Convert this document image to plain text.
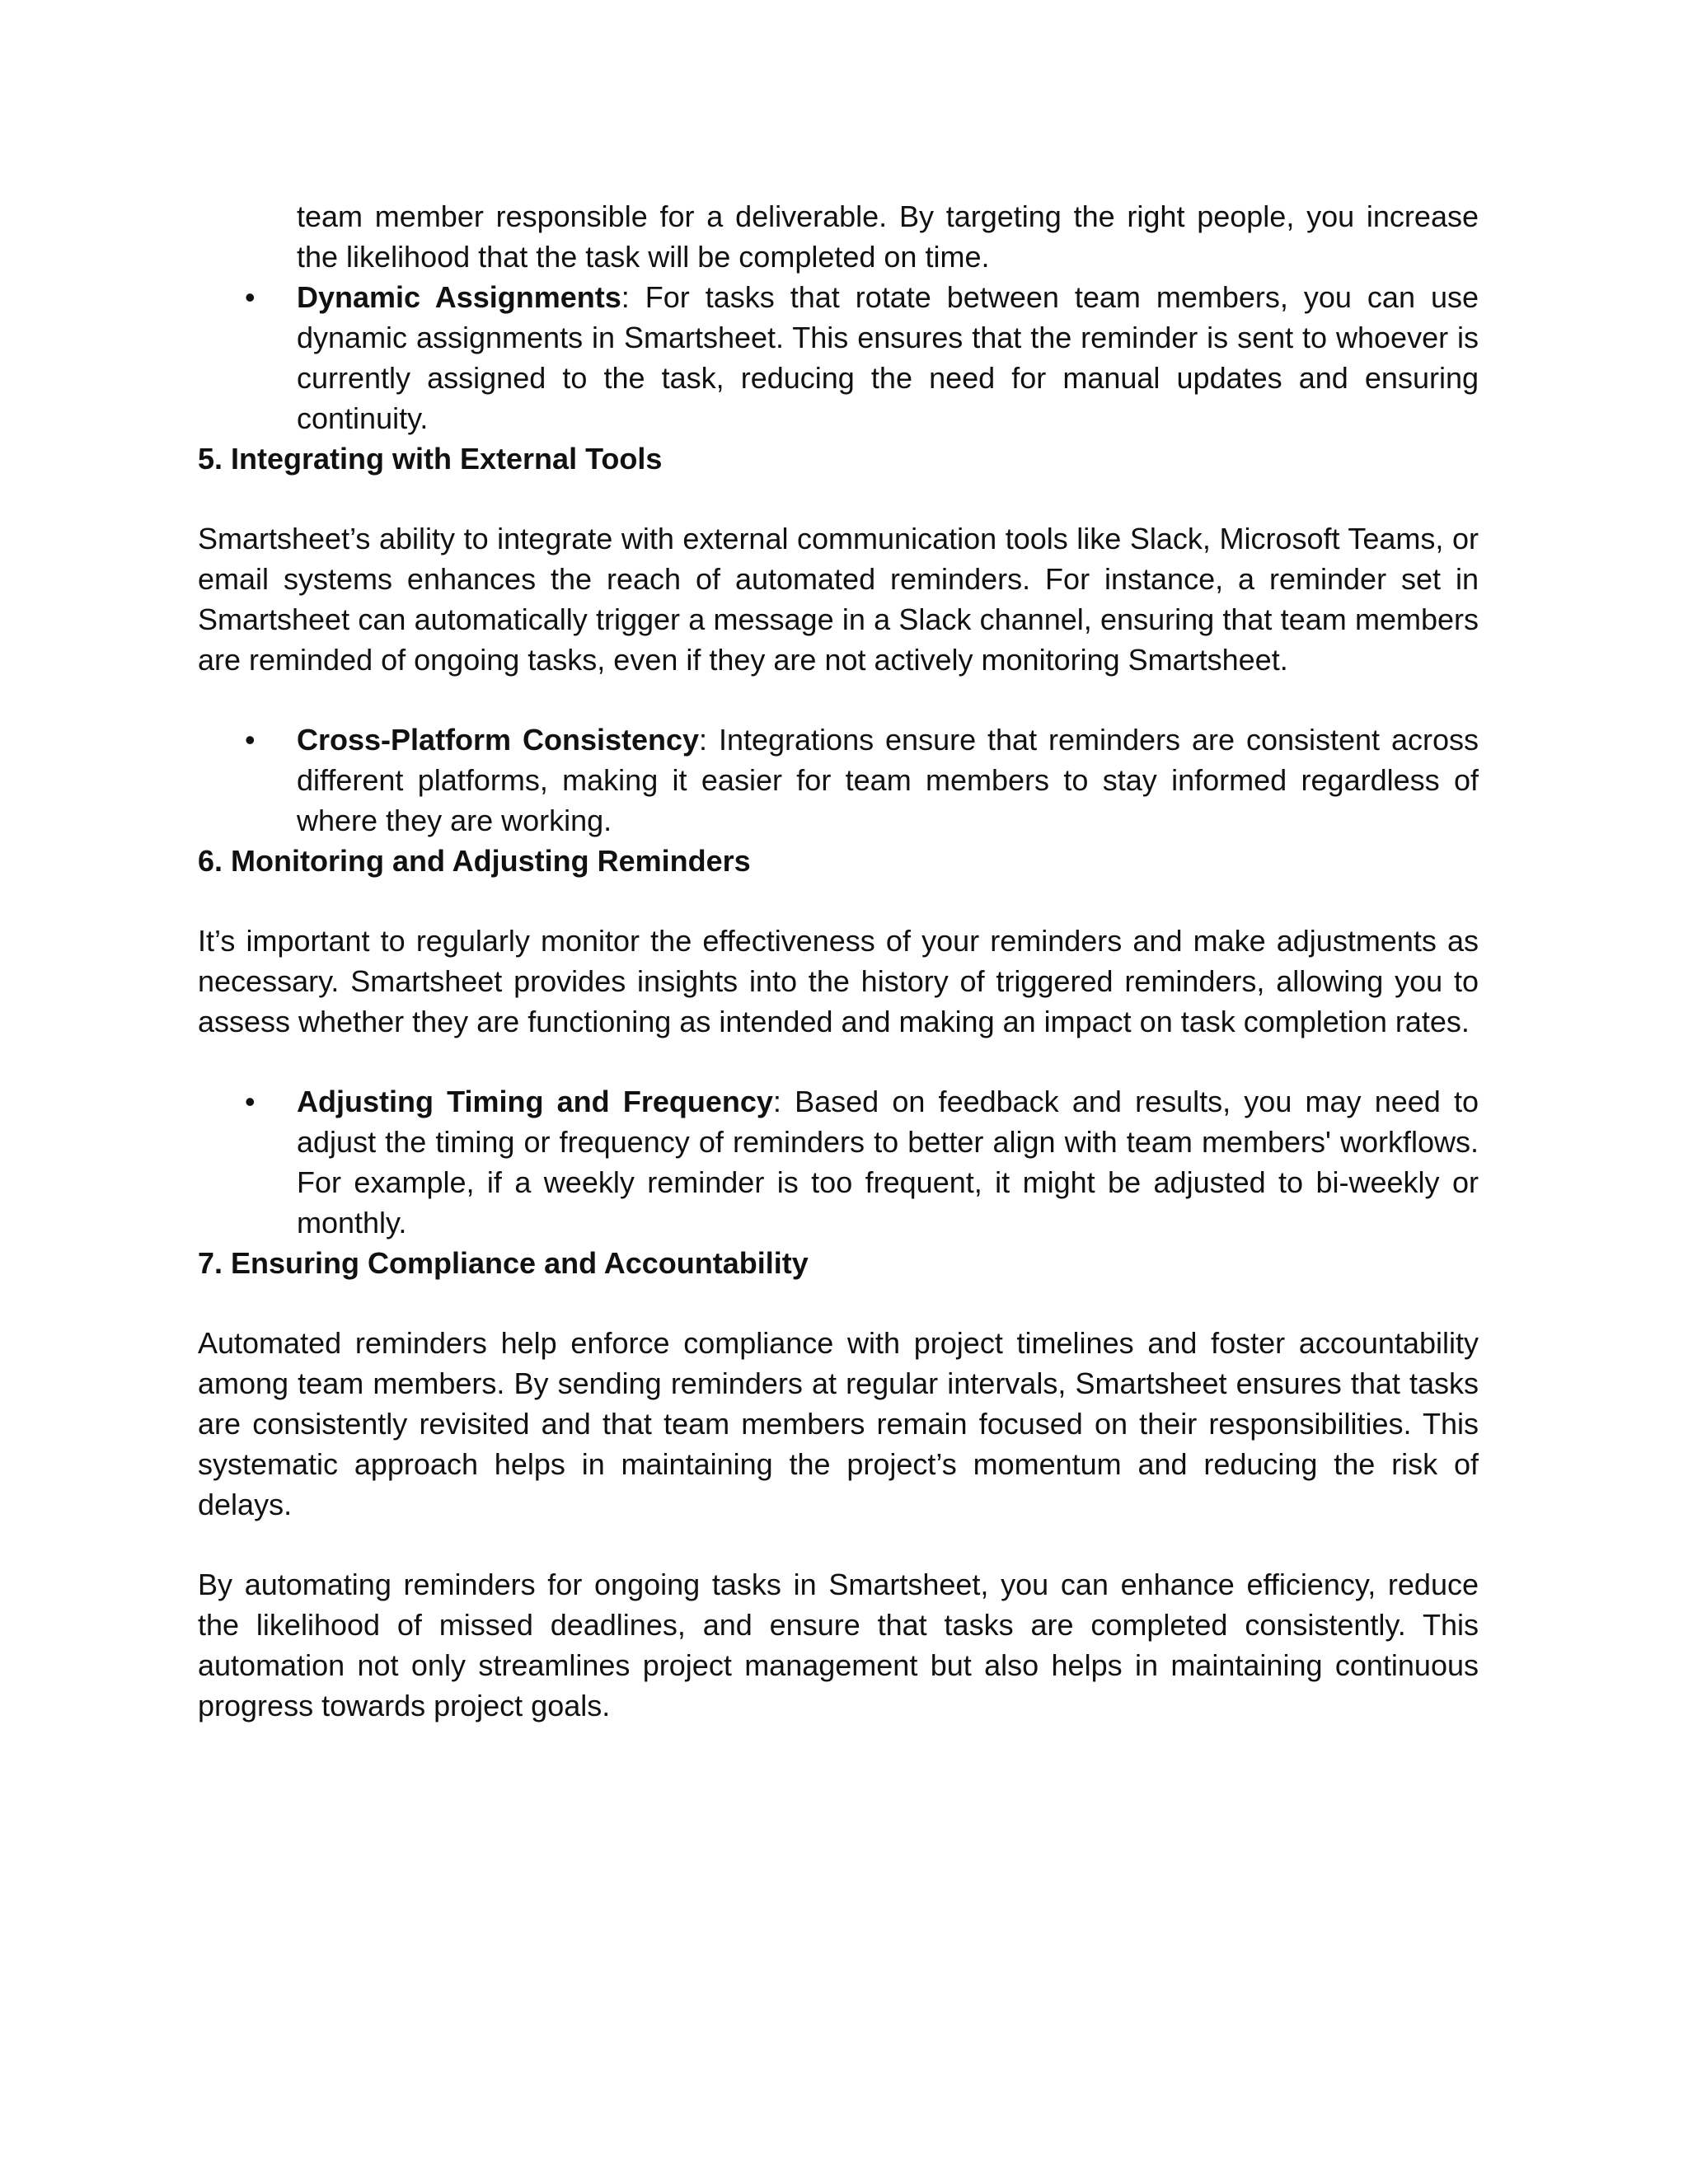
team member responsible for a deliverable. By targeting the right people, you increase the likelihood that the task will be completed on time.

• Dynamic Assignments: For tasks that rotate between team members, you can use dynamic assignments in Smartsheet. This ensures that the reminder is sent to whoever is currently assigned to the task, reducing the need for manual updates and ensuring continuity.

5. Integrating with External Tools

Smartsheet’s ability to integrate with external communication tools like Slack, Microsoft Teams, or email systems enhances the reach of automated reminders. For instance, a reminder set in Smartsheet can automatically trigger a message in a Slack channel, ensuring that team members are reminded of ongoing tasks, even if they are not actively monitoring Smartsheet.

• Cross-Platform Consistency: Integrations ensure that reminders are consistent across different platforms, making it easier for team members to stay informed regardless of where they are working.

6. Monitoring and Adjusting Reminders

It’s important to regularly monitor the effectiveness of your reminders and make adjustments as necessary. Smartsheet provides insights into the history of triggered reminders, allowing you to assess whether they are functioning as intended and making an impact on task completion rates.

• Adjusting Timing and Frequency: Based on feedback and results, you may need to adjust the timing or frequency of reminders to better align with team members' workflows. For example, if a weekly reminder is too frequent, it might be adjusted to bi-weekly or monthly.

7. Ensuring Compliance and Accountability

Automated reminders help enforce compliance with project timelines and foster accountability among team members. By sending reminders at regular intervals, Smartsheet ensures that tasks are consistently revisited and that team members remain focused on their responsibilities. This systematic approach helps in maintaining the project’s momentum and reducing the risk of delays.

By automating reminders for ongoing tasks in Smartsheet, you can enhance efficiency, reduce the likelihood of missed deadlines, and ensure that tasks are completed consistently. This automation not only streamlines project management but also helps in maintaining continuous progress towards project goals.
